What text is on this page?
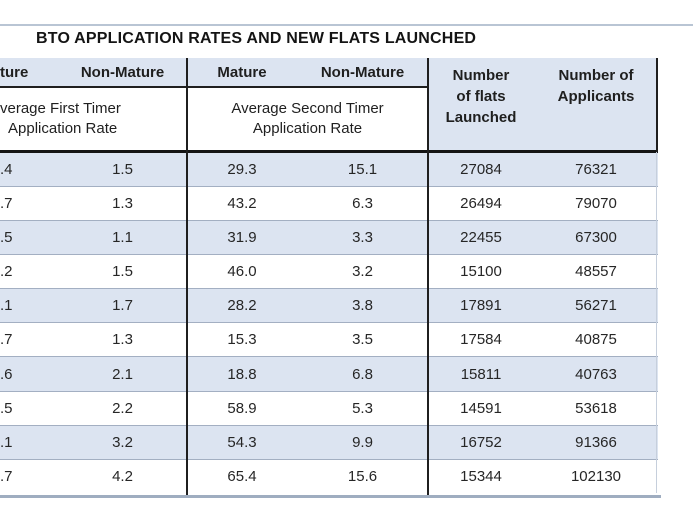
BTO APPLICATION RATES AND NEW FLATS LAUNCHED
ture	Non-Mature	Mature	Non-Mature
verage First Timer
Application Rate
Average Second Timer
Application Rate
Number
of flats
Launched
Number of
Applicants
.4	1.5	29.3	15.1	27084	76321
.7	1.3	43.2	6.3	26494	79070
.5	1.1	31.9	3.3	22455	67300
.2	1.5	46.0	3.2	15100	48557
.1	1.7	28.2	3.8	17891	56271
.7	1.3	15.3	3.5	17584	40875
.6	2.1	18.8	6.8	15811	40763
.5	2.2	58.9	5.3	14591	53618
.1	3.2	54.3	9.9	16752	91366
.7	4.2	65.4	15.6	15344	102130
